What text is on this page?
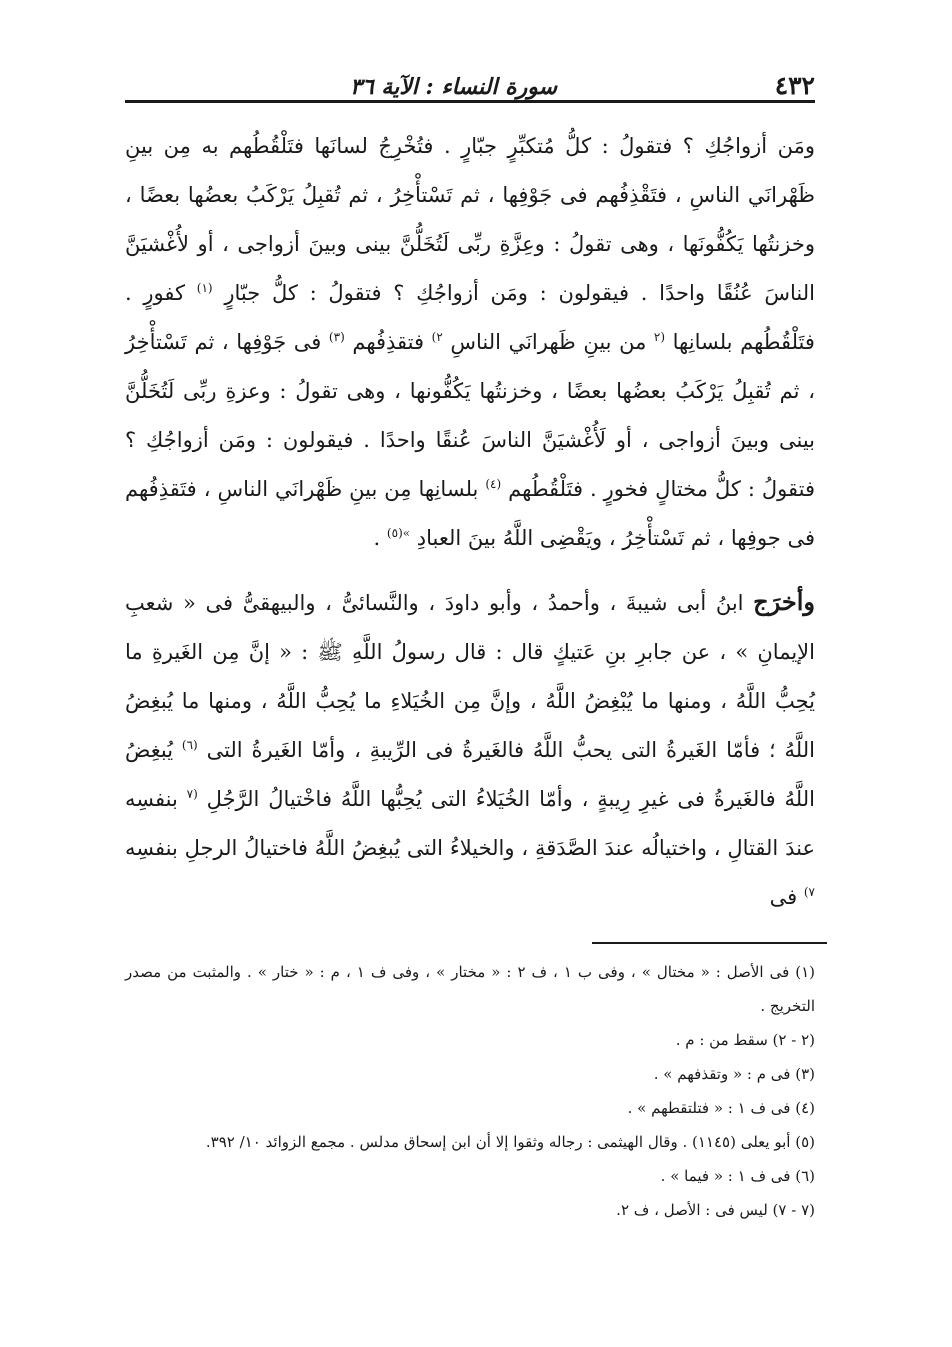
٤٣٢
سورة النساء : الآية ٣٦

ومَن أزواجُكِ ؟ فتقولُ : كلُّ مُتكبِّرٍ جبّارٍ . فتُخْرِجُ لسانَها فتَلْقُطُهم به مِن بينِ ظَهْرانَي الناسِ ، فتَقْذِفُهم فى جَوْفِها ، ثم تَسْتأْخِرُ ، ثم تُقبِلُ يَرْكَبُ بعضُها بعضًا ، وخزنتُها يَكُفُّونَها ، وهى تقولُ : وعِزَّةِ ربِّى لَتُخَلُّنَّ بينى وبينَ أزواجى ، أو لأُغْشيَنَّ الناسَ عُنُقًا واحدًا . فيقولون : ومَن أزواجُكِ ؟ فتقولُ : كلُّ جبّارٍ $^{(١)}$ كفورٍ . فتَلْقُطُهم بلسانِها $^{(٢}$ من بينِ ظَهرانَي الناسِ $^{٢)}$ فتقذِفُهم $^{(٣)}$ فى جَوْفِها ، ثم تَسْتأْخِرُ ، ثم تُقبِلُ يَرْكَبُ بعضُها بعضًا ، وخزنتُها يَكُفُّونها ، وهى تقولُ : وعزةِ ربِّى لَتُخَلُّنَّ بينى وبينَ أزواجى ، أو لَأُغْشيَنَّ الناسَ عُنقًا واحدًا . فيقولون : ومَن أزواجُكِ ؟ فتقولُ : كلُّ مختالٍ فخورٍ . فتَلْقُطُهم $^{(٤)}$ بلسانِها مِن بينِ ظَهْرانَي الناسِ ، فتَقذِفُهم فى جوفِها ، ثم تَسْتأْخِرُ ، ويَقْضِى اللَّهُ بينَ العبادِ $^{»(٥)}$ .

وأخرَج ابنُ أبى شيبةَ ، وأحمدُ ، وأبو داودَ ، والنَّسائىُّ ، والبيهقىُّ فى « شعبِ الإيمانِ » ، عن جابرِ بنِ عَتيكٍ قال : قال رسولُ اللَّهِ ﷺ : « إنَّ مِن الغَيرةِ ما يُحِبُّ اللَّهُ ، ومنها ما يُبْغِضُ اللَّهُ ، وإنَّ مِن الخُيَلاءِ ما يُحِبُّ اللَّهُ ، ومنها ما يُبغِضُ اللَّهُ ؛ فأمّا الغَيرةُ التى يحبُّ اللَّهُ فالغَيرةُ فى الرِّيبةِ ، وأمّا الغَيرةُ التى $^{(٦)}$ يُبغِضُ اللَّهُ فالغَيرةُ فى غيرِ رِيبةٍ ، وأمّا الخُيَلاءُ التى يُحِبُّها اللَّهُ فاخْتيالُ الرَّجُلِ $^{(٧}$ بنفسِه عندَ القتالِ ، واختيالُه عندَ الصَّدَقةِ ، والخيلاءُ التى يُبغِضُ اللَّهُ فاختيالُ الرجلِ بنفسِه $^{٧)}$ فى

(١) فى الأصل : « مختال » ، وفى ب ١ ، ف ٢ : « مختار » ، وفى ف ١ ، م : « ختار » . والمثبت من مصدر التخريج .

(٢ - ٢) سقط من : م .

(٣) فى م : « وتقذفهم » .

(٤) فى ف ١ : « فتلتقطهم » .

(٥) أبو يعلى (١١٤٥) . وقال الهيثمى : رجاله وثقوا إلا أن ابن إسحاق مدلس . مجمع الزوائد ١٠/ ٣٩٢.

(٦) فى ف ١ : « فيما » .

(٧ - ٧) ليس فى : الأصل ، ف ٢.
